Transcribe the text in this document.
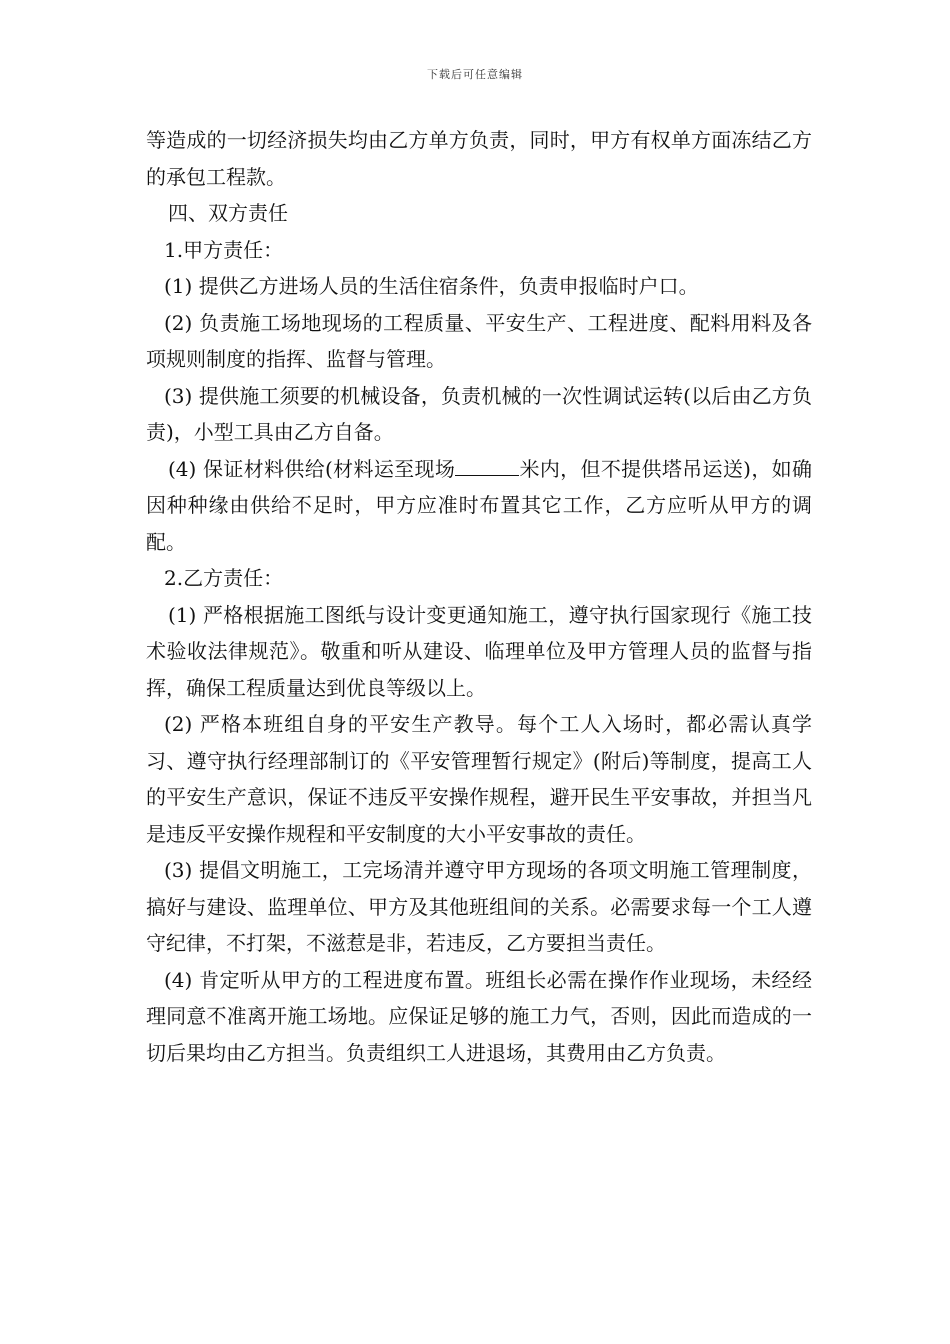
下载后可任意编辑

等造成的一切经济损失均由乙方单方负责，同时，甲方有权单方面冻结乙方的承包工程款。

四、双方责任

1.甲方责任：

(1) 提供乙方进场人员的生活住宿条件，负责申报临时户口。

(2) 负责施工场地现场的工程质量、平安生产、工程进度、配料用料及各项规则制度的指挥、监督与管理。

(3) 提供施工须要的机械设备，负责机械的一次性调试运转(以后由乙方负责)，小型工具由乙方自备。

(4) 保证材料供给(材料运至现场	米内，但不提供塔吊运送)，如确因种种缘由供给不足时，甲方应准时布置其它工作，乙方应听从甲方的调配。

2.乙方责任：

(1) 严格根据施工图纸与设计变更通知施工，遵守执行国家现行《施工技术验收法律规范》。敬重和听从建设、临理单位及甲方管理人员的监督与指挥，确保工程质量达到优良等级以上。

(2) 严格本班组自身的平安生产教导。每个工人入场时，都必需认真学习、遵守执行经理部制订的《平安管理暂行规定》(附后)等制度，提高工人的平安生产意识，保证不违反平安操作规程，避开民生平安事故，并担当凡是违反平安操作规程和平安制度的大小平安事故的责任。

(3) 提倡文明施工，工完场清并遵守甲方现场的各项文明施工管理制度，搞好与建设、监理单位、甲方及其他班组间的关系。必需要求每一个工人遵守纪律，不打架，不滋惹是非，若违反，乙方要担当责任。

(4) 肯定听从甲方的工程进度布置。班组长必需在操作作业现场，未经经理同意不准离开施工场地。应保证足够的施工力气，否则，因此而造成的一切后果均由乙方担当。负责组织工人进退场，其费用由乙方负责。
